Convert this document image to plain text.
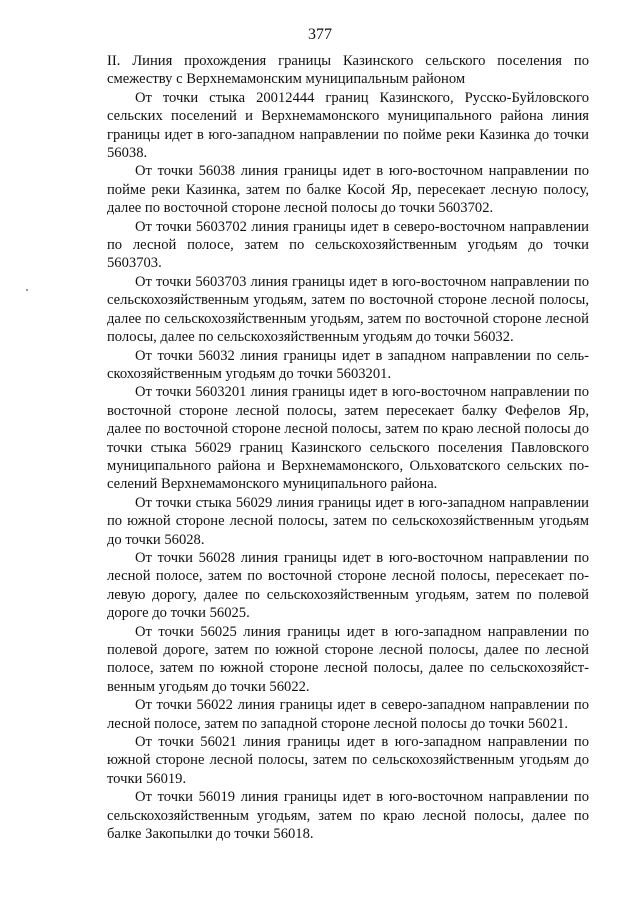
377

II. Линия прохождения границы Казинского сельского поселения по смежеству с Верхнемамонским муниципальным районом

От точки стыка 20012444 границ Казинского, Русско-Буйловского сельских поселений и Верхнемамонского муниципального района линия границы идет в юго-западном направлении по пойме реки Казинка до точки 56038.

От точки 56038 линия границы идет в юго-восточном направлении по пойме реки Казинка, затем по балке Косой Яр, пересекает лесную полосу, далее по восточной стороне лесной полосы до точки 5603702.

От точки 5603702 линия границы идет в северо-восточном направлении по лесной полосе, затем по сельскохозяйственным угодьям до точки 5603703.

От точки 5603703 линия границы идет в юго-восточном направлении по сельскохозяйственным угодьям, затем по восточной стороне лесной полосы, далее по сельскохозяйственным угодьям, затем по восточной стороне лесной полосы, далее по сельскохозяйственным угодьям до точки 56032.

От точки 56032 линия границы идет в западном направлении по сельскохозяйственным угодьям до точки 5603201.

От точки 5603201 линия границы идет в юго-восточном направлении по восточной стороне лесной полосы, затем пересекает балку Фефелов Яр, далее по восточной стороне лесной полосы, затем по краю лесной полосы до точки стыка 56029 границ Казинского сельского поселения Павловского муниципального района и Верхнемамонского, Ольховатского сельских поселений Верхнемамонского муниципального района.

От точки стыка 56029 линия границы идет в юго-западном направлении по южной стороне лесной полосы, затем по сельскохозяйственным угодьям до точки 56028.

От точки 56028 линия границы идет в юго-восточном направлении по лесной полосе, затем по восточной стороне лесной полосы, пересекает полевую дорогу, далее по сельскохозяйственным угодьям, затем по полевой дороге до точки 56025.

От точки 56025 линия границы идет в юго-западном направлении по полевой дороге, затем по южной стороне лесной полосы, далее по лесной полосе, затем по южной стороне лесной полосы, далее по сельскохозяйственным угодьям до точки 56022.

От точки 56022 линия границы идет в северо-западном направлении по лесной полосе, затем по западной стороне лесной полосы до точки 56021.

От точки 56021 линия границы идет в юго-западном направлении по южной стороне лесной полосы, затем по сельскохозяйственным угодьям до точки 56019.

От точки 56019 линия границы идет в юго-восточном направлении по сельскохозяйственным угодьям, затем по краю лесной полосы, далее по балке Закопылки до точки 56018.
